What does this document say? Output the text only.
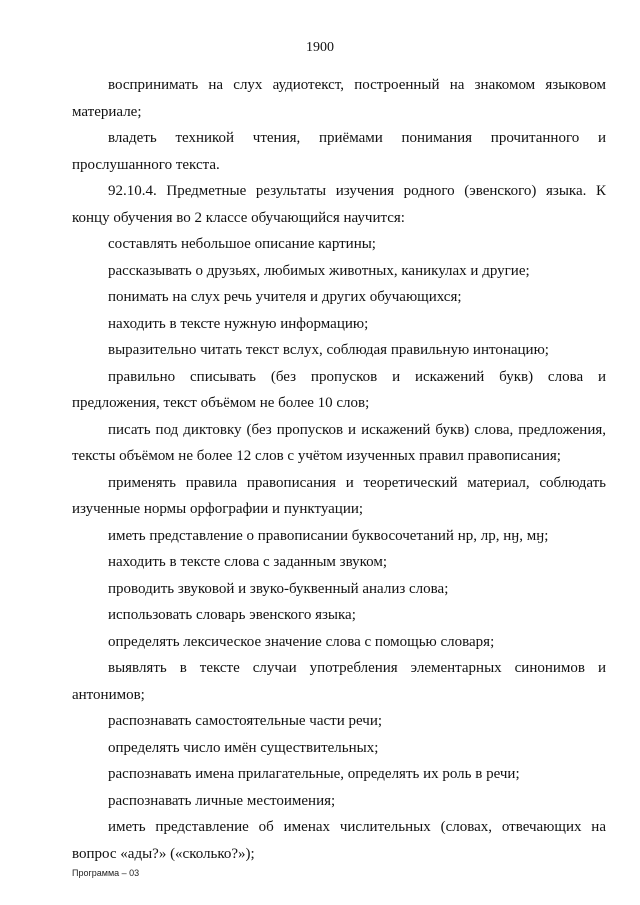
1900

воспринимать на слух аудиотекст, построенный на знакомом языковом материале;

владеть техникой чтения, приёмами понимания прочитанного и прослушанного текста.

92.10.4. Предметные результаты изучения родного (эвенского) языка. К концу обучения во 2 классе обучающийся научится:

составлять небольшое описание картины;

рассказывать о друзьях, любимых животных, каникулах и другие;

понимать на слух речь учителя и других обучающихся;

находить в тексте нужную информацию;

выразительно читать текст вслух, соблюдая правильную интонацию;

правильно списывать (без пропусков и искажений букв) слова и предложения, текст объёмом не более 10 слов;

писать под диктовку (без пропусков и искажений букв) слова, предложения, тексты объёмом не более 12 слов с учётом изученных правил правописания;

применять правила правописания и теоретический материал, соблюдать изученные нормы орфографии и пунктуации;

иметь представление о правописании буквосочетаний нр, лр, нӈ, мӈ;

находить в тексте слова с заданным звуком;

проводить звуковой и звуко-буквенный анализ слова;

использовать словарь эвенского языка;

определять лексическое значение слова с помощью словаря;

выявлять в тексте случаи употребления элементарных синонимов и антонимов;

распознавать самостоятельные части речи;

определять число имён существительных;

распознавать имена прилагательные, определять их роль в речи;

распознавать личные местоимения;

иметь представление об именах числительных (словах, отвечающих на вопрос «ады?» («сколько?»);

Программа – 03
